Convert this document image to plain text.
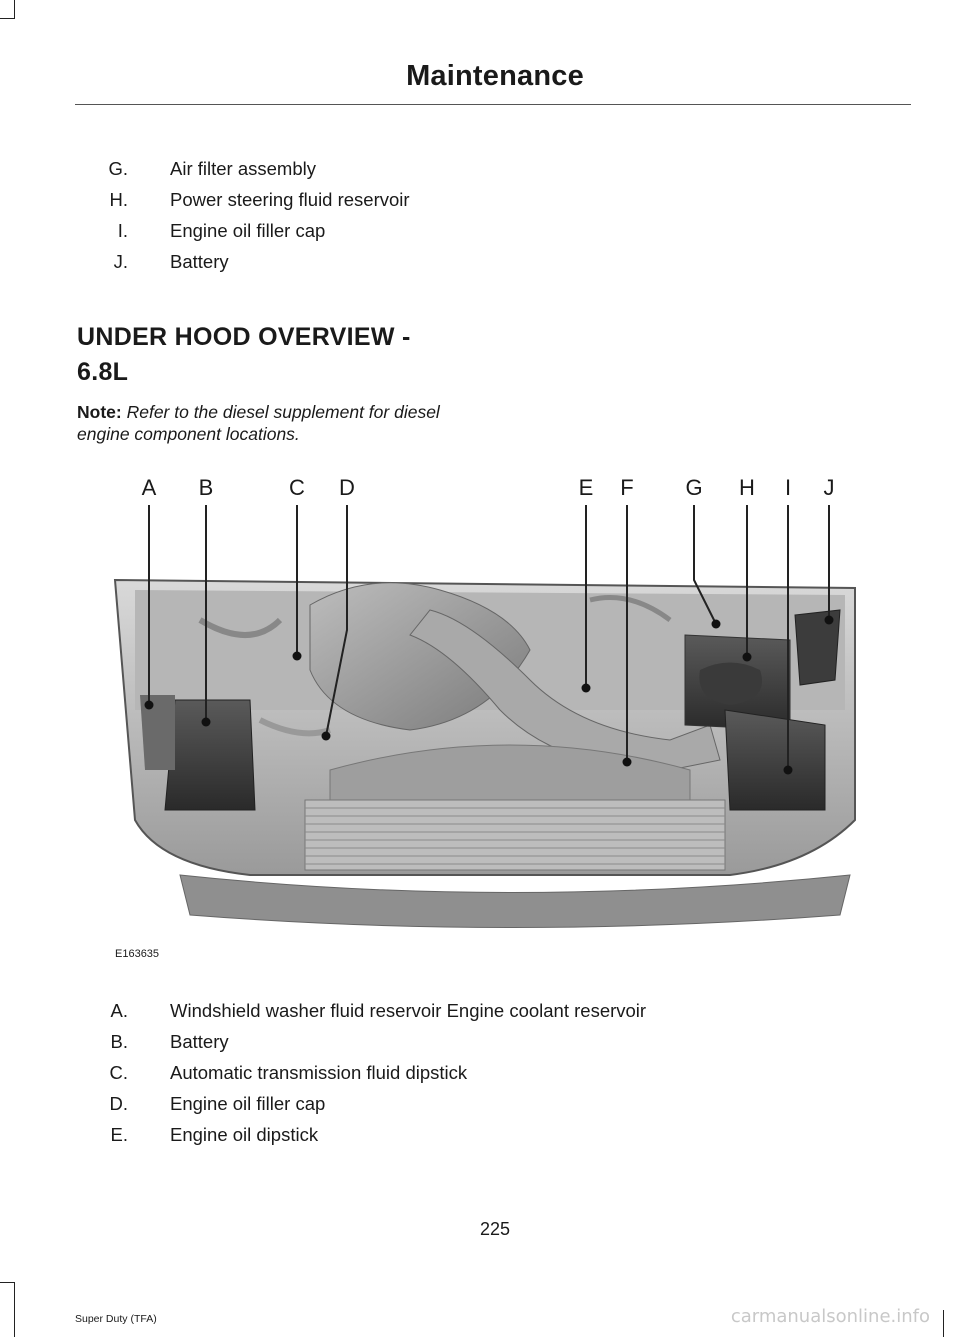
Maintenance
G. Air filter assembly
H. Power steering fluid reservoir
I. Engine oil filler cap
J. Battery
UNDER HOOD OVERVIEW -
6.8L
Note: Refer to the diesel supplement for diesel engine component locations.
A	B	C	D	E	F	G	H	I	J
E163635
A. Windshield washer fluid reservoir Engine coolant reservoir
B. Battery
C. Automatic transmission fluid dipstick
D. Engine oil filler cap
E. Engine oil dipstick
225
Super Duty (TFA)	carmanualsonline.info
